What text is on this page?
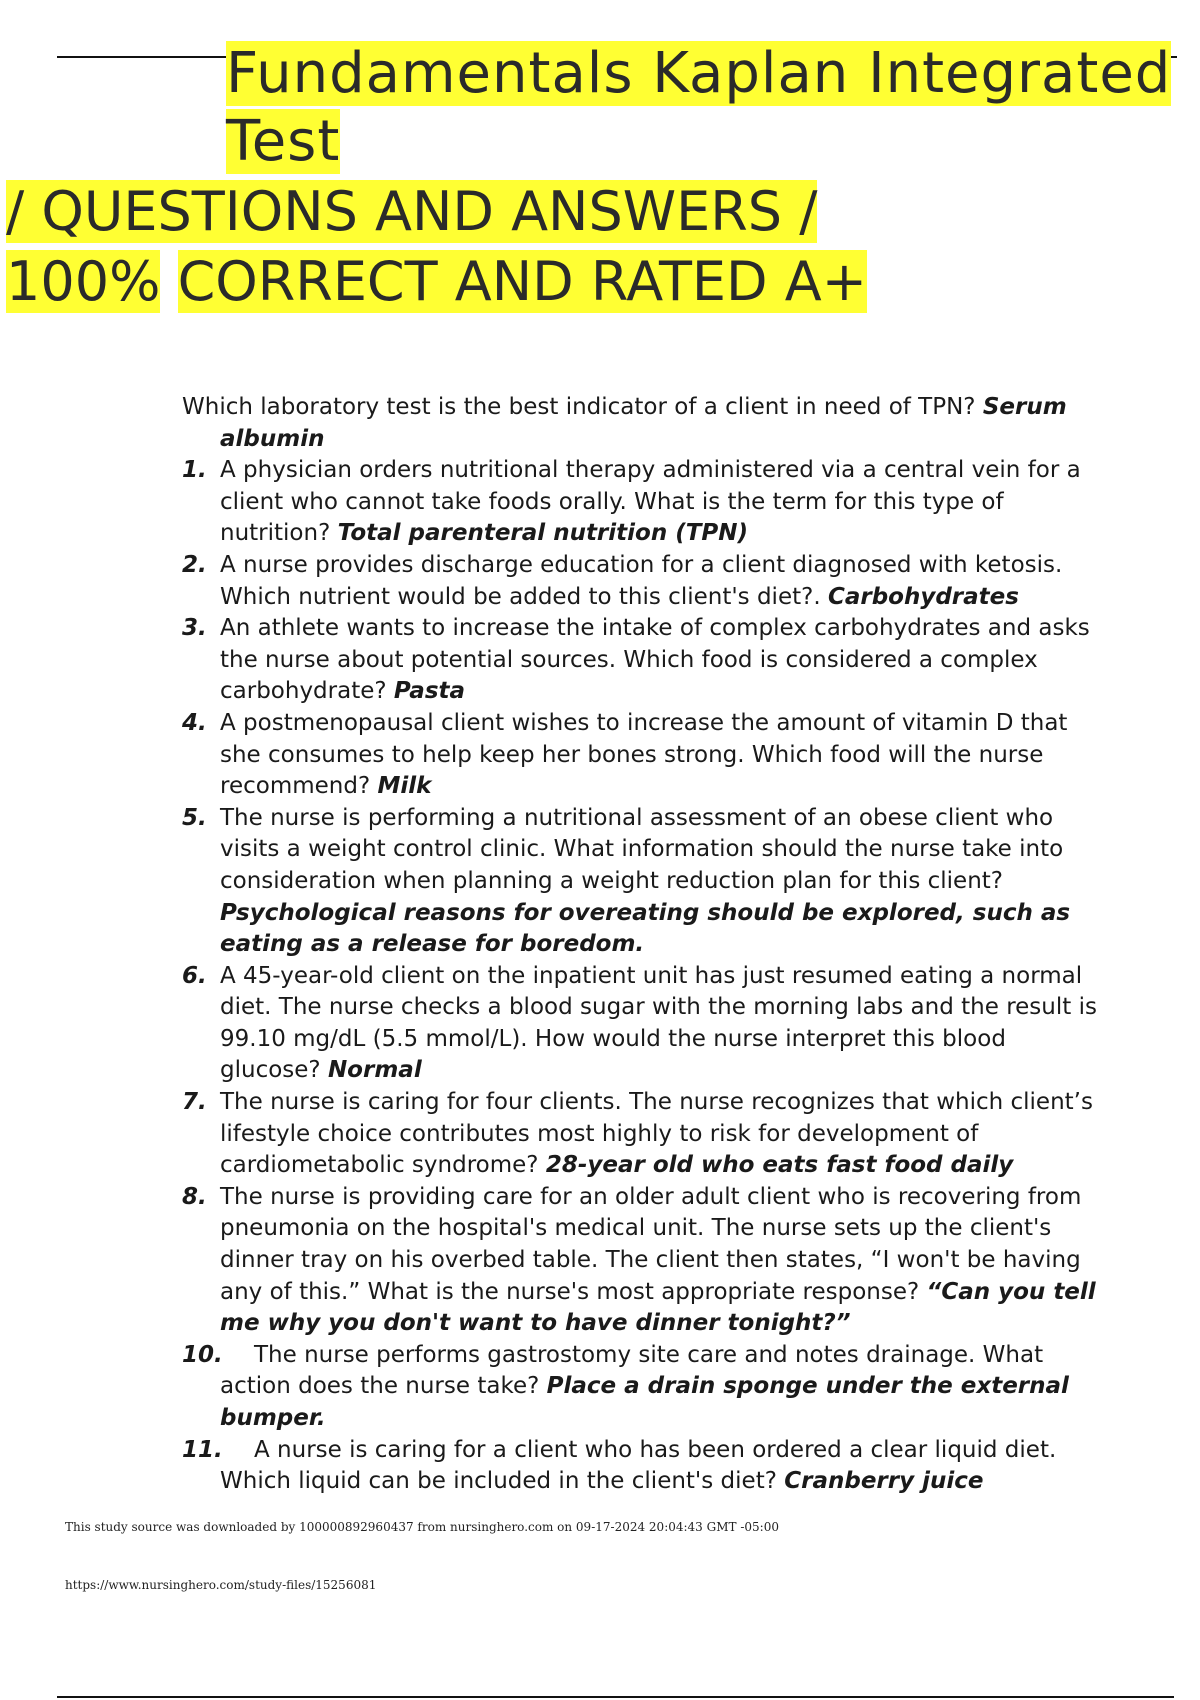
Fundamentals Kaplan Integrated
Test
/ QUESTIONS AND ANSWERS /
100% CORRECT AND RATED A+
Which laboratory test is the best indicator of a client in need of TPN? Serum albumin
1. A physician orders nutritional therapy administered via a central vein for a client who cannot take foods orally. What is the term for this type of nutrition? Total parenteral nutrition (TPN)
2. A nurse provides discharge education for a client diagnosed with ketosis. Which nutrient would be added to this client's diet?. Carbohydrates
3. An athlete wants to increase the intake of complex carbohydrates and asks the nurse about potential sources. Which food is considered a complex carbohydrate? Pasta
4. A postmenopausal client wishes to increase the amount of vitamin D that she consumes to help keep her bones strong. Which food will the nurse recommend? Milk
5. The nurse is performing a nutritional assessment of an obese client who visits a weight control clinic. What information should the nurse take into consideration when planning a weight reduction plan for this client? Psychological reasons for overeating should be explored, such as eating as a release for boredom.
6. A 45-year-old client on the inpatient unit has just resumed eating a normal diet. The nurse checks a blood sugar with the morning labs and the result is 99.10 mg/dL (5.5 mmol/L). How would the nurse interpret this blood glucose? Normal
7. The nurse is caring for four clients. The nurse recognizes that which client’s lifestyle choice contributes most highly to risk for development of cardiometabolic syndrome? 28-year old who eats fast food daily
8. The nurse is providing care for an older adult client who is recovering from pneumonia on the hospital's medical unit. The nurse sets up the client's dinner tray on his overbed table. The client then states, “I won't be having any of this.” What is the nurse's most appropriate response? “Can you tell me why you don't want to have dinner tonight?”
10. The nurse performs gastrostomy site care and notes drainage. What action does the nurse take? Place a drain sponge under the external bumper.
11. A nurse is caring for a client who has been ordered a clear liquid diet. Which liquid can be included in the client's diet? Cranberry juice
This study source was downloaded by 100000892960437 from nursinghero.com on 09-17-2024 20:04:43 GMT -05:00
https://www.nursinghero.com/study-files/15256081
